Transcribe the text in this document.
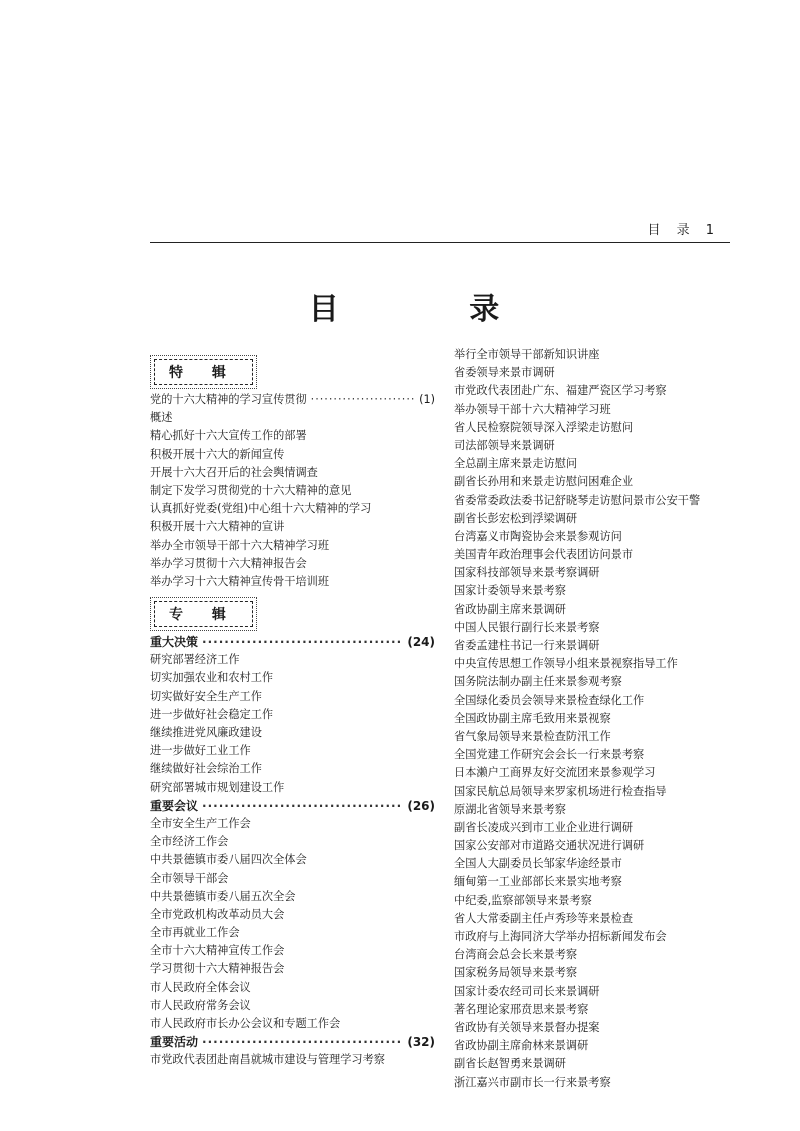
目 录 1
目 录
特 辑
党的十六大精神的学习宣传贯彻 ·····	(1)
概述
精心抓好十六大宣传工作的部署
积极开展十六大的新闻宣传
开展十六大召开后的社会舆情调查
制定下发学习贯彻党的十六大精神的意见
认真抓好党委(党组)中心组十六大精神的学习
积极开展十六大精神的宣讲
举办全市领导干部十六大精神学习班
举办学习贯彻十六大精神报告会
举办学习十六大精神宣传骨干培训班
专 辑
重大决策 ·····	(24)
研究部署经济工作
切实加强农业和农村工作
切实做好安全生产工作
进一步做好社会稳定工作
继续推进党风廉政建设
进一步做好工业工作
继续做好社会综治工作
研究部署城市规划建设工作
重要会议 ·····	(26)
全市安全生产工作会
全市经济工作会
中共景德镇市委八届四次全体会
全市领导干部会
中共景德镇市委八届五次全会
全市党政机构改革动员大会
全市再就业工作会
全市十六大精神宣传工作会
学习贯彻十六大精神报告会
市人民政府全体会议
市人民政府常务会议
市人民政府市长办公会议和专题工作会
重要活动 ·····	(32)
市党政代表团赴南昌就城市建设与管理学习考察
举行全市领导干部新知识讲座
省委领导来景市调研
市党政代表团赴广东、福建严瓷区学习考察
举办领导干部十六大精神学习班
省人民检察院领导深入浮梁走访慰问
司法部领导来景调研
全总副主席来景走访慰问
副省长孙用和来景走访慰问困难企业
省委常委政法委书记舒晓琴走访慰问景市公安干警
副省长彭宏松到浮梁调研
台湾嘉义市陶瓷协会来景参观访问
美国青年政治理事会代表团访问景市
国家科技部领导来景考察调研
国家计委领导来景考察
省政协副主席来景调研
中国人民银行副行长来景考察
省委孟建柱书记一行来景调研
中央宣传思想工作领导小组来景视察指导工作
国务院法制办副主任来景参观考察
全国绿化委员会领导来景检查绿化工作
全国政协副主席毛致用来景视察
省气象局领导来景检查防汛工作
全国党建工作研究会会长一行来景考察
日本濑户工商界友好交流团来景参观学习
国家民航总局领导来罗家机场进行检查指导
原湖北省领导来景考察
副省长凌成兴到市工业企业进行调研
国家公安部对市道路交通状况进行调研
全国人大副委员长邹家华途经景市
缅甸第一工业部部长来景实地考察
中纪委,监察部领导来景考察
省人大常委副主任卢秀珍等来景检查
市政府与上海同济大学举办招标新闻发布会
台湾商会总会长来景考察
国家税务局领导来景考察
国家计委农经司司长来景调研
著名理论家邢贲思来景考察
省政协有关领导来景督办提案
省政协副主席俞林来景调研
副省长赵智勇来景调研
浙江嘉兴市副市长一行来景考察
